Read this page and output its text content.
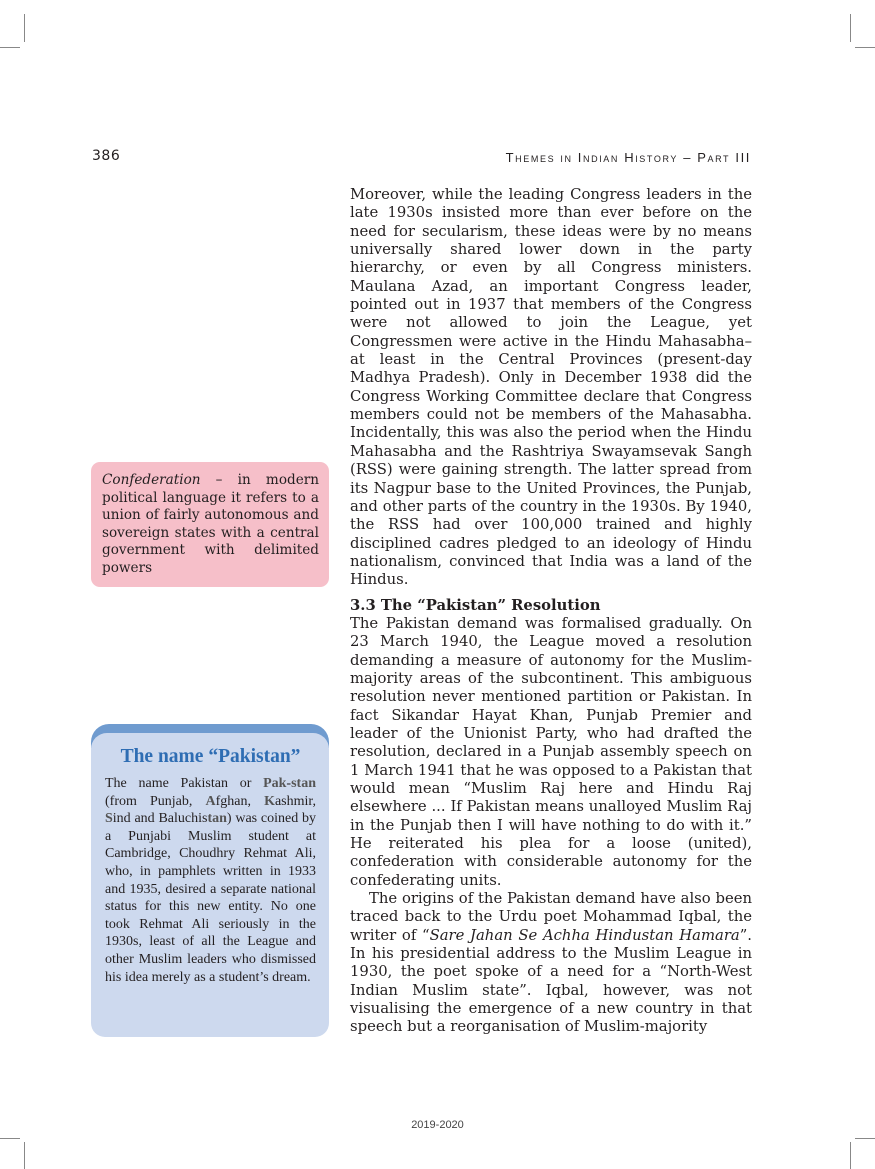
386	Themes in Indian History – Part III

Moreover, while the leading Congress leaders in the late 1930s insisted more than ever before on the need for secularism, these ideas were by no means universally shared lower down in the party hierarchy, or even by all Congress ministers. Maulana Azad, an important Congress leader, pointed out in 1937 that members of the Congress were not allowed to join the League, yet Congressmen were active in the Hindu Mahasabha– at least in the Central Provinces (present-day Madhya Pradesh). Only in December 1938 did the Congress Working Committee declare that Congress members could not be members of the Mahasabha. Incidentally, this was also the period when the Hindu Mahasabha and the Rashtriya Swayamsevak Sangh (RSS) were gaining strength. The latter spread from its Nagpur base to the United Provinces, the Punjab, and other parts of the country in the 1930s. By 1940, the RSS had over 100,000 trained and highly disciplined cadres pledged to an ideology of Hindu nationalism, convinced that India was a land of the Hindus.

3.3 The “Pakistan” Resolution

The Pakistan demand was formalised gradually. On 23 March 1940, the League moved a resolution demanding a measure of autonomy for the Muslim-majority areas of the subcontinent. This ambiguous resolution never mentioned partition or Pakistan. In fact Sikandar Hayat Khan, Punjab Premier and leader of the Unionist Party, who had drafted the resolution, declared in a Punjab assembly speech on 1 March 1941 that he was opposed to a Pakistan that would mean “Muslim Raj here and Hindu Raj elsewhere ... If Pakistan means unalloyed Muslim Raj in the Punjab then I will have nothing to do with it.” He reiterated his plea for a loose (united), confederation with considerable autonomy for the confederating units.

The origins of the Pakistan demand have also been traced back to the Urdu poet Mohammad Iqbal, the writer of “Sare Jahan Se Achha Hindustan Hamara”. In his presidential address to the Muslim League in 1930, the poet spoke of a need for a “North-West Indian Muslim state”. Iqbal, however, was not visualising the emergence of a new country in that speech but a reorganisation of Muslim-majority

Confederation – in modern political language it refers to a union of fairly autonomous and sovereign states with a central government with delimited powers
The name “Pakistan”

The name Pakistan or Pak-stan (from Punjab, Afghan, Kashmir, Sind and Baluchistan) was coined by a Punjabi Muslim student at Cambridge, Choudhry Rehmat Ali, who, in pamphlets written in 1933 and 1935, desired a separate national status for this new entity. No one took Rehmat Ali seriously in the 1930s, least of all the League and other Muslim leaders who dismissed his idea merely as a student’s dream.

2019-2020
